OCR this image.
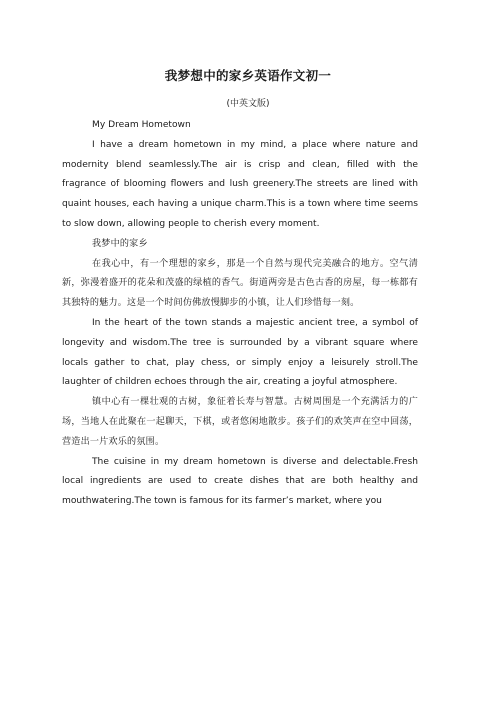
我梦想中的家乡英语作文初一
(中英文版)

My Dream Hometown

I have a dream hometown in my mind, a place where nature and modernity blend seamlessly.The air is crisp and clean, filled with the fragrance of blooming flowers and lush greenery.The streets are lined with quaint houses, each having a unique charm.This is a town where time seems to slow down, allowing people to cherish every moment.

我梦中的家乡

在我心中，有一个理想的家乡，那是一个自然与现代完美融合的地方。空气清新，弥漫着盛开的花朵和茂盛的绿植的香气。街道两旁是古色古香的房屋，每一栋都有其独特的魅力。这是一个时间仿佛放慢脚步的小镇，让人们珍惜每一刻。

In the heart of the town stands a majestic ancient tree, a symbol of longevity and wisdom.The tree is surrounded by a vibrant square where locals gather to chat, play chess, or simply enjoy a leisurely stroll.The laughter of children echoes through the air, creating a joyful atmosphere.

镇中心有一棵壮观的古树，象征着长寿与智慧。古树周围是一个充满活力的广场，当地人在此聚在一起聊天，下棋，或者悠闲地散步。孩子们的欢笑声在空中回荡，营造出一片欢乐的氛围。

The cuisine in my dream hometown is diverse and delectable.Fresh local ingredients are used to create dishes that are both healthy and mouthwatering.The town is famous for its farmer’s market, where you
